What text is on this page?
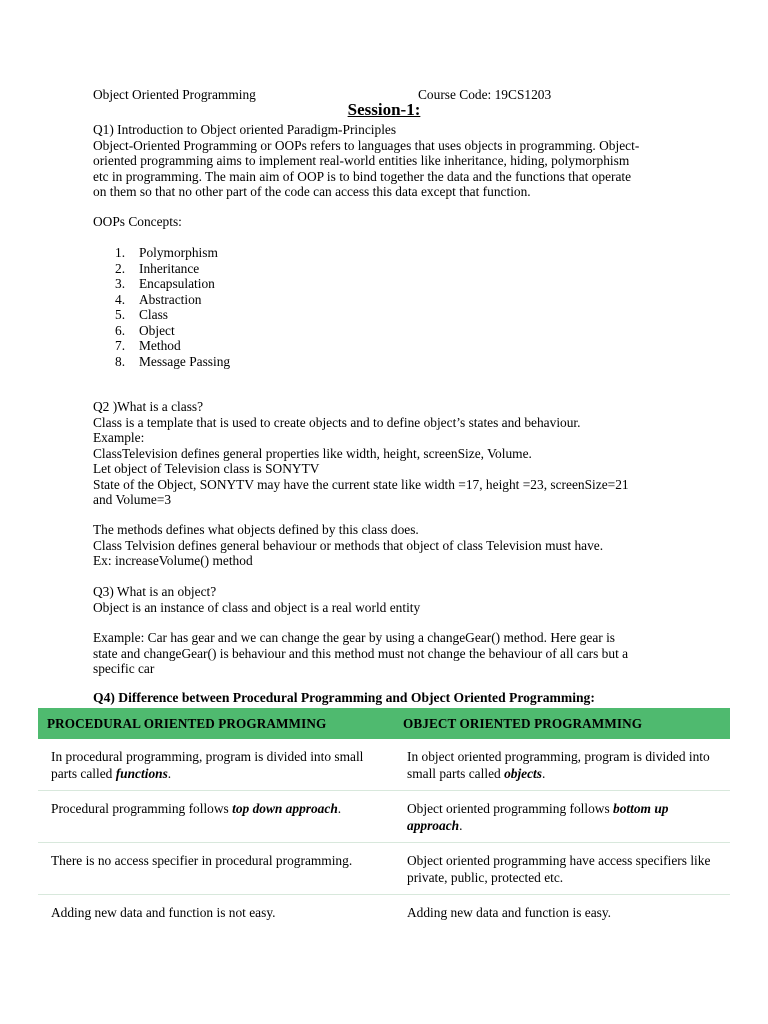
Object Oriented Programming	Course Code: 19CS1203
Session-1:

Q1) Introduction to Object oriented Paradigm-Principles

Object-Oriented Programming or OOPs refers to languages that uses objects in programming. Object-

oriented programming aims to implement real-world entities like inheritance, hiding, polymorphism

etc in programming. The main aim of OOP is to bind together the data and the functions that operate

on them so that no other part of the code can access this data except that function.

OOPs Concepts:

1. Polymorphism
2. Inheritance
3. Encapsulation
4. Abstraction
5. Class
6. Object
7. Method
8. Message Passing

Q2 )What is a class?

Class is a template that is used to create objects and to define object’s states and behaviour.

Example:

ClassTelevision defines general properties like width, height, screenSize, Volume.

Let object of Television class is SONYTV

State of the Object, SONYTV may have the current state like width =17, height =23, screenSize=21

and Volume=3

The methods defines what objects defined by this class does.

Class Telvision defines general behaviour or methods that object of class Television must have.

Ex: increaseVolume() method

Q3) What is an object?

Object is an instance of class and object is a real world entity

Example: Car has gear and we can change the gear by using a changeGear() method. Here gear is

state and changeGear() is behaviour and this method must not change the behaviour of all cars but a

specific car

Q4) Difference between Procedural Programming and Object Oriented Programming:
PROCEDURAL ORIENTED PROGRAMMING	OBJECT ORIENTED PROGRAMMING
In procedural programming, program is divided into small parts called functions.	In object oriented programming, program is divided into small parts called objects.
Procedural programming follows top down approach.	Object oriented programming follows bottom up approach.
There is no access specifier in procedural programming.	Object oriented programming have access specifiers like private, public, protected etc.
Adding new data and function is not easy.	Adding new data and function is easy.
